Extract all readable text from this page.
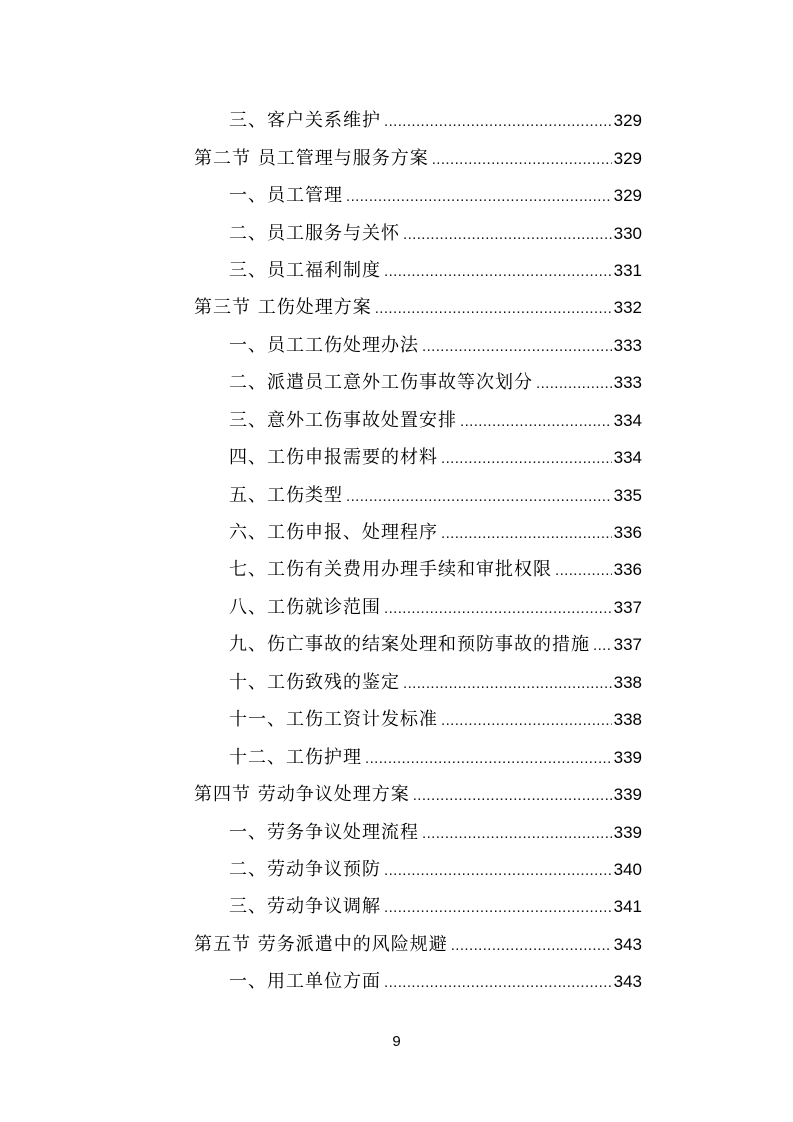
三、客户关系维护 .....	329
第二节 员工管理与服务方案 .....	329
一、员工管理 .....	329
二、员工服务与关怀 .....	330
三、员工福利制度 .....	331
第三节 工伤处理方案 .....	332
一、员工工伤处理办法 .....	333
二、派遣员工意外工伤事故等次划分 .....	333
三、意外工伤事故处置安排 .....	334
四、工伤申报需要的材料 .....	334
五、工伤类型 .....	335
六、工伤申报、处理程序 .....	336
七、工伤有关费用办理手续和审批权限 .....	336
八、工伤就诊范围 .....	337
九、伤亡事故的结案处理和预防事故的措施 ..... 337
十、工伤致残的鉴定 .....	338
十一、工伤工资计发标准 .....	338
十二、工伤护理 .....	339
第四节 劳动争议处理方案 .....	339
一、劳务争议处理流程 .....	339
二、劳动争议预防 .....	340
三、劳动争议调解 .....	341
第五节 劳务派遣中的风险规避 .....	343
一、用工单位方面 .....	343
9
